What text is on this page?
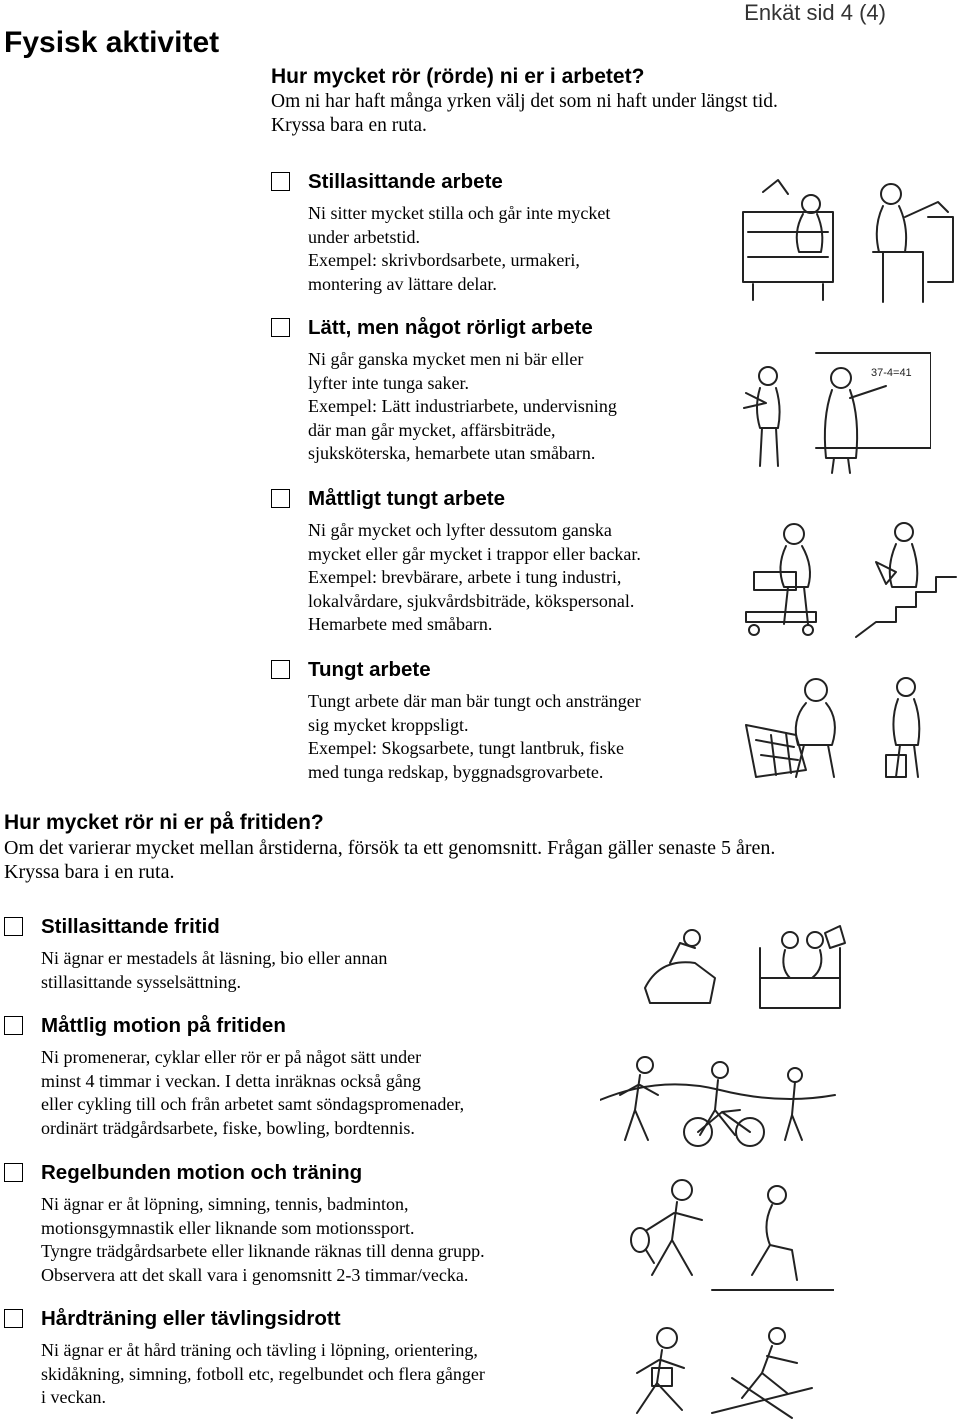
Enkät sid 4 (4)
Fysisk aktivitet
Hur mycket rör (rörde) ni er i arbetet?
Om ni har haft många yrken välj det som ni haft under längst tid.
Kryssa bara en ruta.
Stillasittande arbete
Ni sitter mycket stilla och går inte mycket
under arbetstid.
Exempel: skrivbordsarbete, urmakeri,
montering av lättare delar.
Lätt, men något rörligt arbete
Ni går ganska mycket men ni bär eller
lyfter inte tunga saker.
Exempel: Lätt industriarbete, undervisning
där man går mycket, affärsbiträde,
sjuksköterska, hemarbete utan småbarn.
Måttligt tungt arbete
Ni går mycket och lyfter dessutom ganska
mycket eller går mycket i trappor eller backar.
Exempel: brevbärare, arbete i tung industri,
lokalvårdare, sjukvårdsbiträde, kökspersonal.
Hemarbete med småbarn.
Tungt arbete
Tungt arbete där man bär tungt och anstränger
sig mycket kroppsligt.
Exempel: Skogsarbete, tungt lantbruk, fiske
med tunga redskap, byggnadsgrovarbete.
37-4=41
Hur mycket rör ni er på fritiden?
Om det varierar mycket mellan årstiderna, försök ta ett genomsnitt. Frågan gäller senaste 5 åren.
Kryssa bara i en ruta.
Stillasittande fritid
Ni ägnar er mestadels åt läsning, bio eller annan
stillasittande sysselsättning.
Måttlig motion på fritiden
Ni promenerar, cyklar eller rör er på något sätt under
minst 4 timmar i veckan. I detta inräknas också gång
eller cykling till och från arbetet samt söndagspromenader,
ordinärt trädgårdsarbete, fiske, bowling, bordtennis.
Regelbunden motion och träning
Ni ägnar er åt löpning, simning, tennis, badminton,
motionsgymnastik eller liknande som motionssport.
Tyngre trädgårdsarbete eller liknande räknas till denna grupp.
Observera att det skall vara i genomsnitt 2-3 timmar/vecka.
Hårdträning eller tävlingsidrott
Ni ägnar er åt hård träning och tävling i löpning, orientering,
skidåkning, simning, fotboll etc, regelbundet och flera gånger
i veckan.
